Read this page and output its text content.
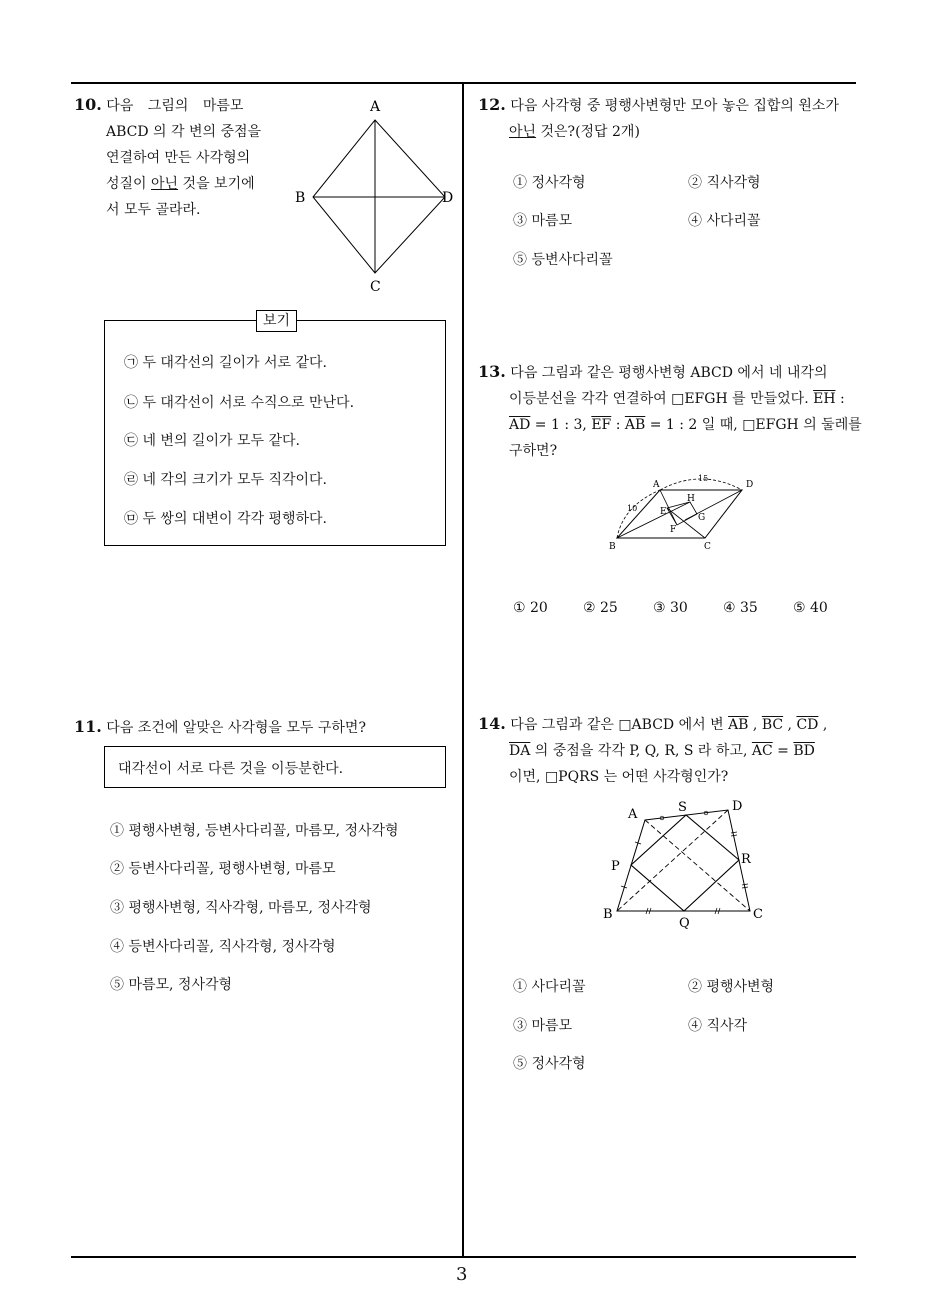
10. 다음 그림의 마름모
ABCD 의 각 변의 중점을
연결하여 만든 사각형의
성질이 아닌 것을 보기에
서 모두 골라라.
A
B
C
D
보기
㉠ 두 대각선의 길이가 서로 같다.
㉡ 두 대각선이 서로 수직으로 만난다.
㉢ 네 변의 길이가 모두 같다.
㉣ 네 각의 크기가 모두 직각이다.
㉤ 두 쌍의 대변이 각각 평행하다.
11. 다음 조건에 알맞은 사각형을 모두 구하면?
대각선이 서로 다른 것을 이등분한다.
① 평행사변형, 등변사다리꼴, 마름모, 정사각형
② 등변사다리꼴, 평행사변형, 마름모
③ 평행사변형, 직사각형, 마름모, 정사각형
④ 등변사다리꼴, 직사각형, 정사각형
⑤ 마름모, 정사각형
12. 다음 사각형 중 평행사변형만 모아 놓은 집합의 원소가
아닌 것은?(정답 2개)
① 정사각형	② 직사각형
③ 마름모	④ 사다리꼴
⑤ 등변사다리꼴
13. 다음 그림과 같은 평행사변형 ABCD 에서 네 내각의
이등분선을 각각 연결하여 □EFGH 를 만들었다. $\overline{EH}$ :
$\overline{AD} = 1$ : 3, $\overline{EF}$ : $\overline{AB} = 1$ : 2 일 때, □EFGH 의 둘레를
구하면?
A	D
B	C
E
F
G
H
15
10
① 20	② 25	③ 30	④ 35	⑤ 40
14. 다음 그림과 같은 □ABCD 에서 변 $\overline{AB}$ , $\overline{BC}$ , $\overline{CD}$ ,
$\overline{DA}$ 의 중점을 각각 P, Q, R, S 라 하고, $\overline{AC} = \overline{BD}$
이면, □PQRS 는 어떤 사각형인가?
A	S	D
P	R
B
Q
C
① 사다리꼴	② 평행사변형
③ 마름모	④ 직사각
⑤ 정사각형
3
